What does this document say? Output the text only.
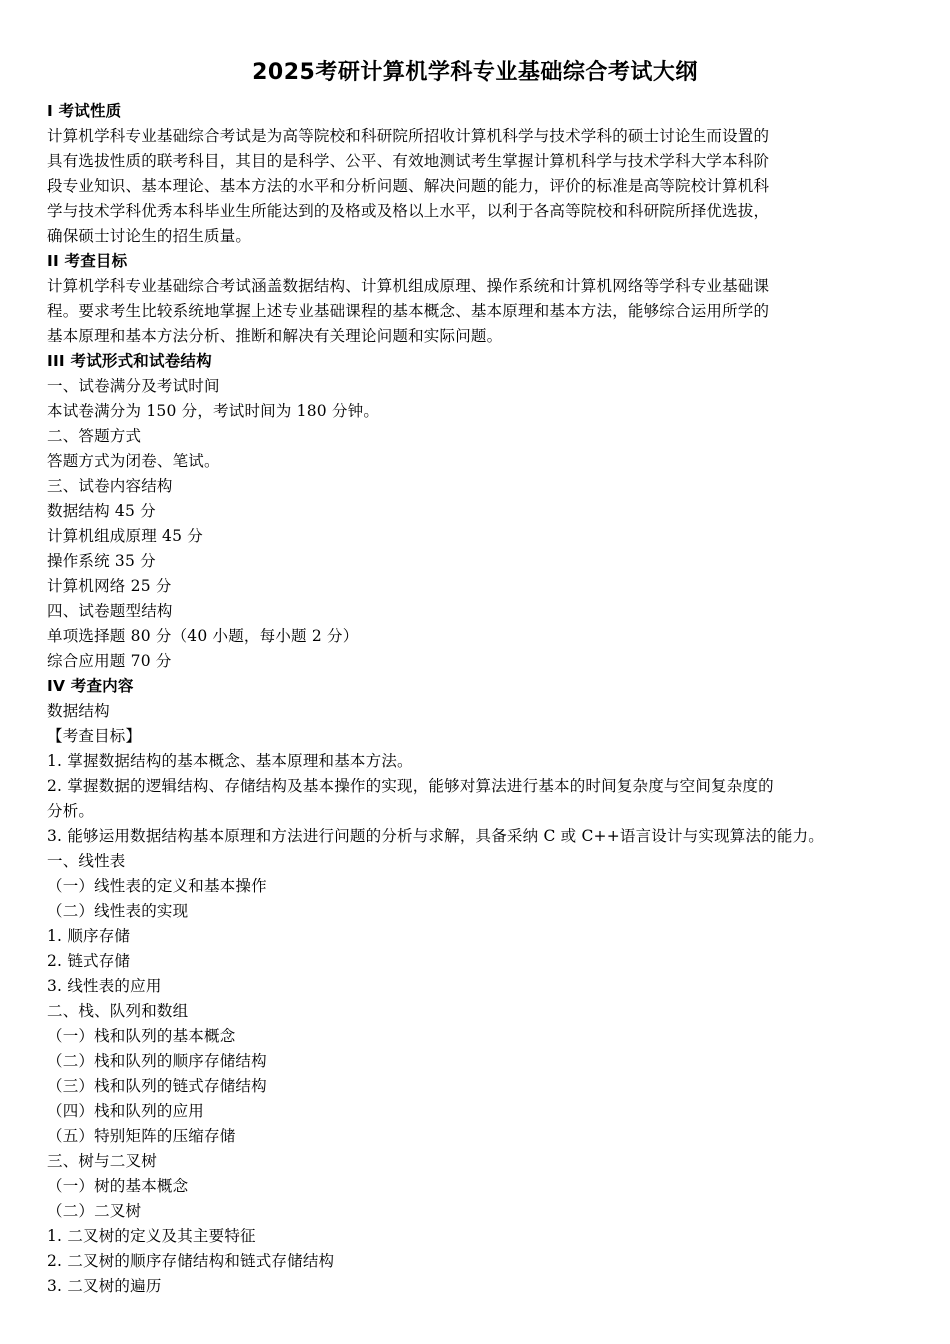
2025考研计算机学科专业基础综合考试大纲

I 考试性质

计算机学科专业基础综合考试是为高等院校和科研院所招收计算机科学与技术学科的硕士讨论生而设置的

具有选拔性质的联考科目，其目的是科学、公平、有效地测试考生掌握计算机科学与技术学科大学本科阶

段专业知识、基本理论、基本方法的水平和分析问题、解决问题的能力，评价的标准是高等院校计算机科

学与技术学科优秀本科毕业生所能达到的及格或及格以上水平，以利于各高等院校和科研院所择优选拔，

确保硕士讨论生的招生质量。

II 考查目标

计算机学科专业基础综合考试涵盖数据结构、计算机组成原理、操作系统和计算机网络等学科专业基础课

程。要求考生比较系统地掌握上述专业基础课程的基本概念、基本原理和基本方法，能够综合运用所学的

基本原理和基本方法分析、推断和解决有关理论问题和实际问题。

III 考试形式和试卷结构

一、试卷满分及考试时间

本试卷满分为 150 分，考试时间为 180 分钟。

二、答题方式

答题方式为闭卷、笔试。

三、试卷内容结构

数据结构 45 分

计算机组成原理 45 分

操作系统 35 分

计算机网络 25 分

四、试卷题型结构

单项选择题 80 分（40 小题，每小题 2 分）

综合应用题 70 分

IV 考查内容

数据结构

【考查目标】

1. 掌握数据结构的基本概念、基本原理和基本方法。

2. 掌握数据的逻辑结构、存储结构及基本操作的实现，能够对算法进行基本的时间复杂度与空间复杂度的

分析。

3. 能够运用数据结构基本原理和方法进行问题的分析与求解，具备采纳 C 或 C++语言设计与实现算法的能力。

一、线性表

（一）线性表的定义和基本操作

（二）线性表的实现

1. 顺序存储

2. 链式存储

3. 线性表的应用

二、栈、队列和数组

（一）栈和队列的基本概念

（二）栈和队列的顺序存储结构

（三）栈和队列的链式存储结构

（四）栈和队列的应用

（五）特别矩阵的压缩存储

三、树与二叉树

（一）树的基本概念

（二）二叉树

1. 二叉树的定义及其主要特征

2. 二叉树的顺序存储结构和链式存储结构

3. 二叉树的遍历
